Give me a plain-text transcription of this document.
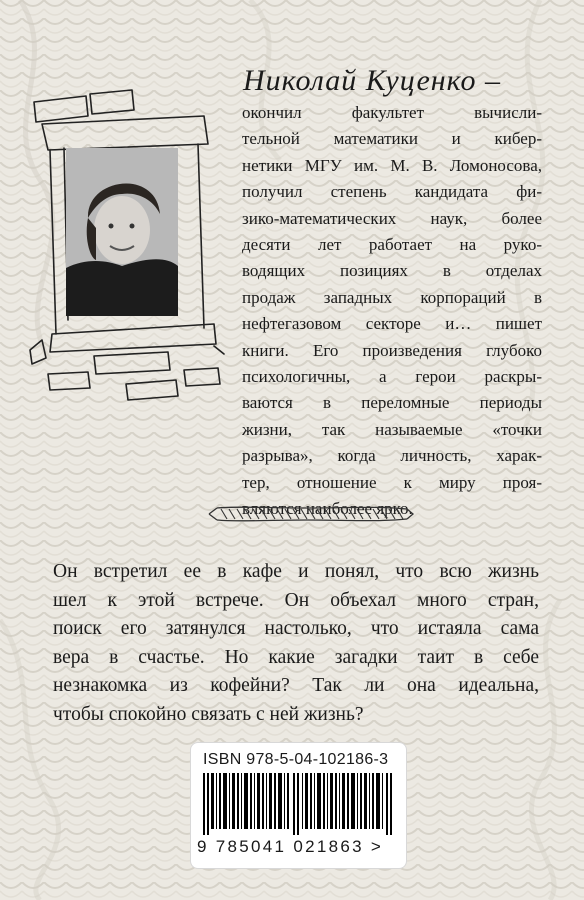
Николай Куценко –
окончил факультет вычисли-
тельной математики и кибер-
нетики МГУ им. М. В. Ломоносова,
получил степень кандидата фи-
зико-математических наук, более
десяти лет работает на руко-
водящих позициях в отделах
продаж западных корпораций в
нефтегазовом секторе и… пишет
книги. Его произведения глубоко
психологичны, а герои раскры-
ваются в переломные периоды
жизни, так называемые «точки
разрыва», когда личность, харак-
тер, отношение к миру проя-
вляются наиболее ярко.
Он встретил ее в кафе и понял, что всю жизнь
шел к этой встрече. Он объехал много стран,
поиск его затянулся настолько, что истаяла сама
вера в счастье. Но какие загадки таит в себе
незнакомка из кофейни? Так ли она идеальна,
чтобы спокойно связать с ней жизнь?
ISBN 978-5-04-102186-3
9 785041 021863 >
